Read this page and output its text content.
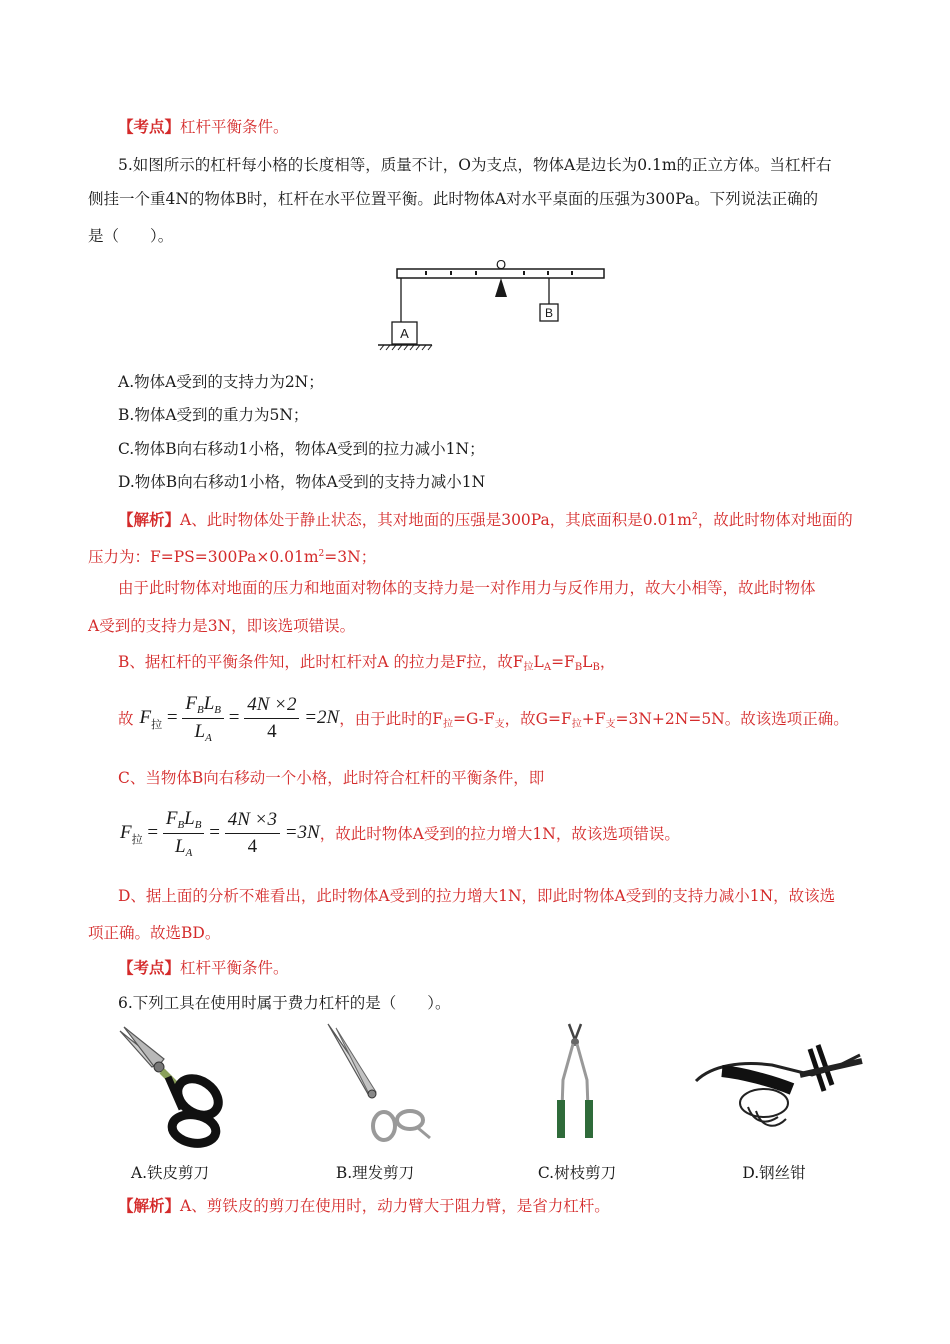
【考点】杠杆平衡条件。
5.如图所示的杠杆每小格的长度相等，质量不计，O为支点，物体A是边长为0.1m的正立方体。当杠杆右
侧挂一个重4N的物体B时，杠杆在水平位置平衡。此时物体A对水平桌面的压强为300Pa。下列说法正确的
是（　　）。
O
A
B
A.物体A受到的支持力为2N；
B.物体A受到的重力为5N；
C.物体B向右移动1小格，物体A受到的拉力减小1N；
D.物体B向右移动1小格，物体A受到的支持力减小1N
【解析】A、此时物体处于静止状态，其对地面的压强是300Pa，其底面积是$0.01m^2$，故此时物体对地面的
压力为：$F=PS=300Pa\times 0.01m^2=3N$；
由于此时物体对地面的压力和地面对物体的支持力是一对作用力与反作用力，故大小相等，故此时物体
A受到的支持力是3N，即该选项错误。
B、据杠杆的平衡条件知，此时杠杆对A 的拉力是F拉，故$F_拉L_A=F_BL_B$，
故 $F_拉 = \frac{F_BL_B}{L_A} = \frac{4N \times 2}{4} =2N$ ，由于此时的$F_拉=G-F_支$，故$G=F_拉+F_支=3N+2N=5N$。故该选项正确。
C、当物体B向右移动一个小格，此时符合杠杆的平衡条件，即
$F_拉 = \frac{F_BL_B}{L_A} = \frac{4N \times 3}{4} =3N$ ，故此时物体A受到的拉力增大1N，故该选项错误。
D、据上面的分析不难看出，此时物体A受到的拉力增大1N，即此时物体A受到的支持力减小1N，故该选
项正确。故选BD。
【考点】杠杆平衡条件。
6.下列工具在使用时属于费力杠杆的是（　　）。
A.铁皮剪刀	B.理发剪刀	C.树枝剪刀	D.钢丝钳
【解析】A、剪铁皮的剪刀在使用时，动力臂大于阻力臂，是省力杠杆。
